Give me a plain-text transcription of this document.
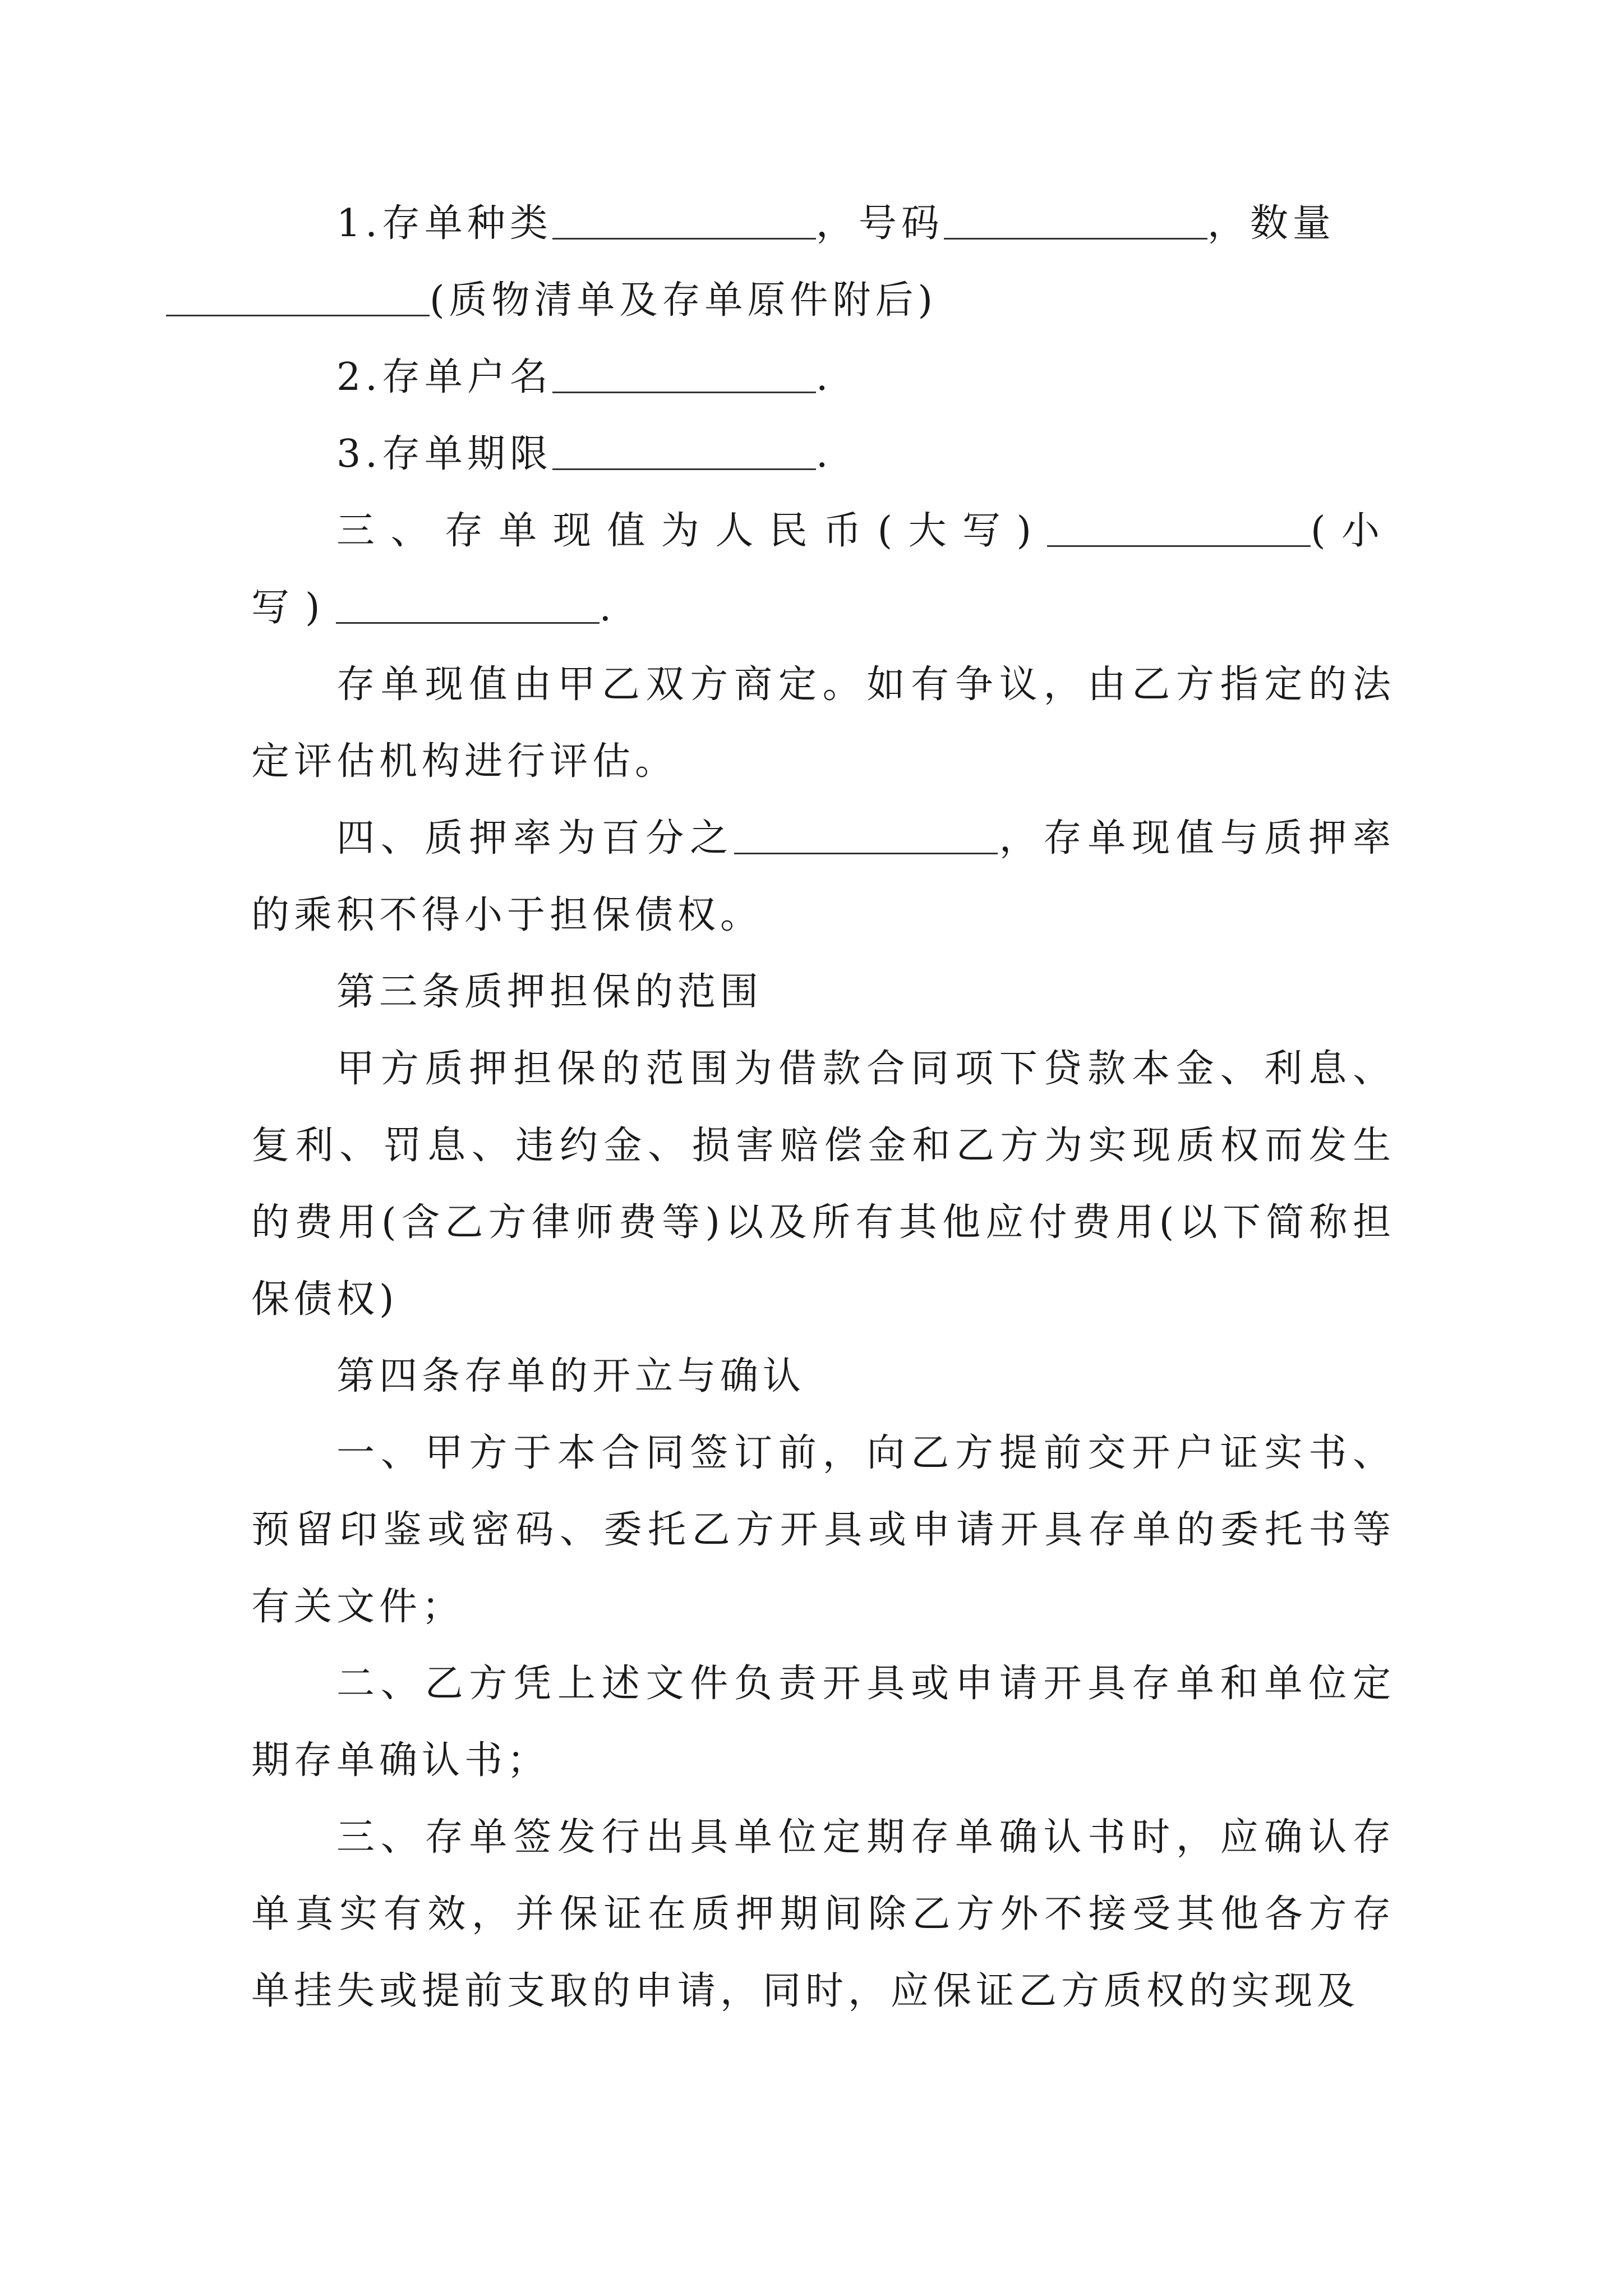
1.存单种类	，号码	，数量
(质物清单及存单原件附后)

2.存单户名	.

3.存单期限	.

三、存单现值为人民币(大写)	(小写)	.

存单现值由甲乙双方商定。如有争议，由乙方指定的法定评估机构进行评估。

四、质押率为百分之	，存单现值与质押率的乘积不得小于担保债权。

第三条质押担保的范围

甲方质押担保的范围为借款合同项下贷款本金、利息、复利、罚息、违约金、损害赔偿金和乙方为实现质权而发生的费用(含乙方律师费等)以及所有其他应付费用(以下简称担保债权)

第四条存单的开立与确认

一、甲方于本合同签订前，向乙方提前交开户证实书、预留印鉴或密码、委托乙方开具或申请开具存单的委托书等有关文件；

二、乙方凭上述文件负责开具或申请开具存单和单位定期存单确认书；

三、存单签发行出具单位定期存单确认书时，应确认存单真实有效，并保证在质押期间除乙方外不接受其他各方存单挂失或提前支取的申请，同时，应保证乙方质权的实现及
